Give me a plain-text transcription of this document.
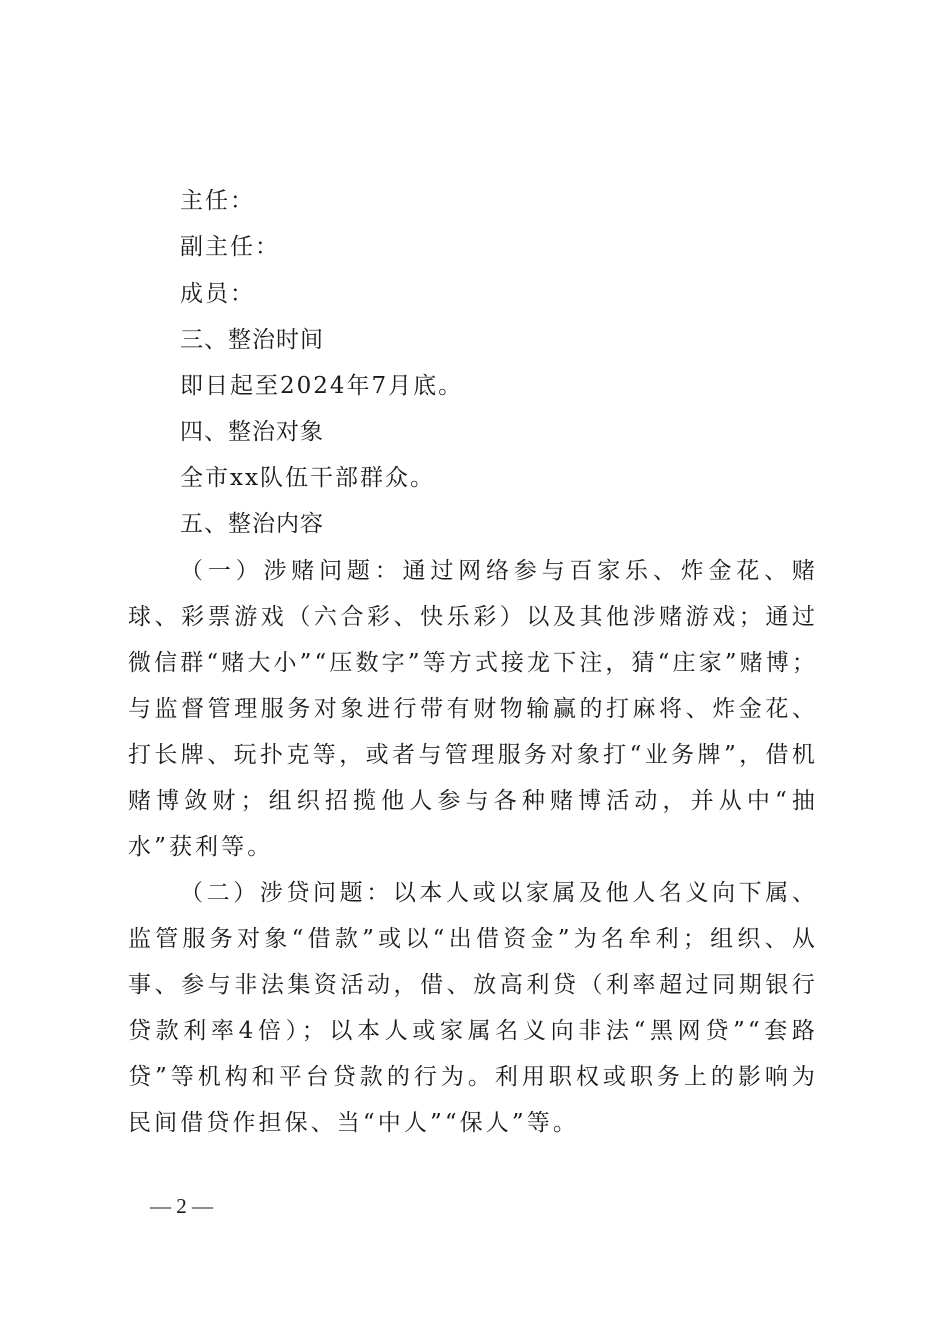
主任：
副主任：
成员：
三、整治时间
即日起至2024年7月底。
四、整治对象
全市xx队伍干部群众。
五、整治内容
（一）涉赌问题：通过网络参与百家乐、炸金花、赌球、彩票游戏（六合彩、快乐彩）以及其他涉赌游戏；通过微信群“赌大小”“压数字”等方式接龙下注，猜“庄家”赌博；与监督管理服务对象进行带有财物输赢的打麻将、炸金花、打长牌、玩扑克等，或者与管理服务对象打“业务牌”，借机赌博敛财；组织招揽他人参与各种赌博活动，并从中“抽水”获利等。
（二）涉贷问题：以本人或以家属及他人名义向下属、监管服务对象“借款”或以“出借资金”为名牟利；组织、从事、参与非法集资活动，借、放高利贷（利率超过同期银行贷款利率4倍）；以本人或家属名义向非法“黑网贷”“套路贷”等机构和平台贷款的行为。利用职权或职务上的影响为民间借贷作担保、当“中人”“保人”等。
— 2 —
